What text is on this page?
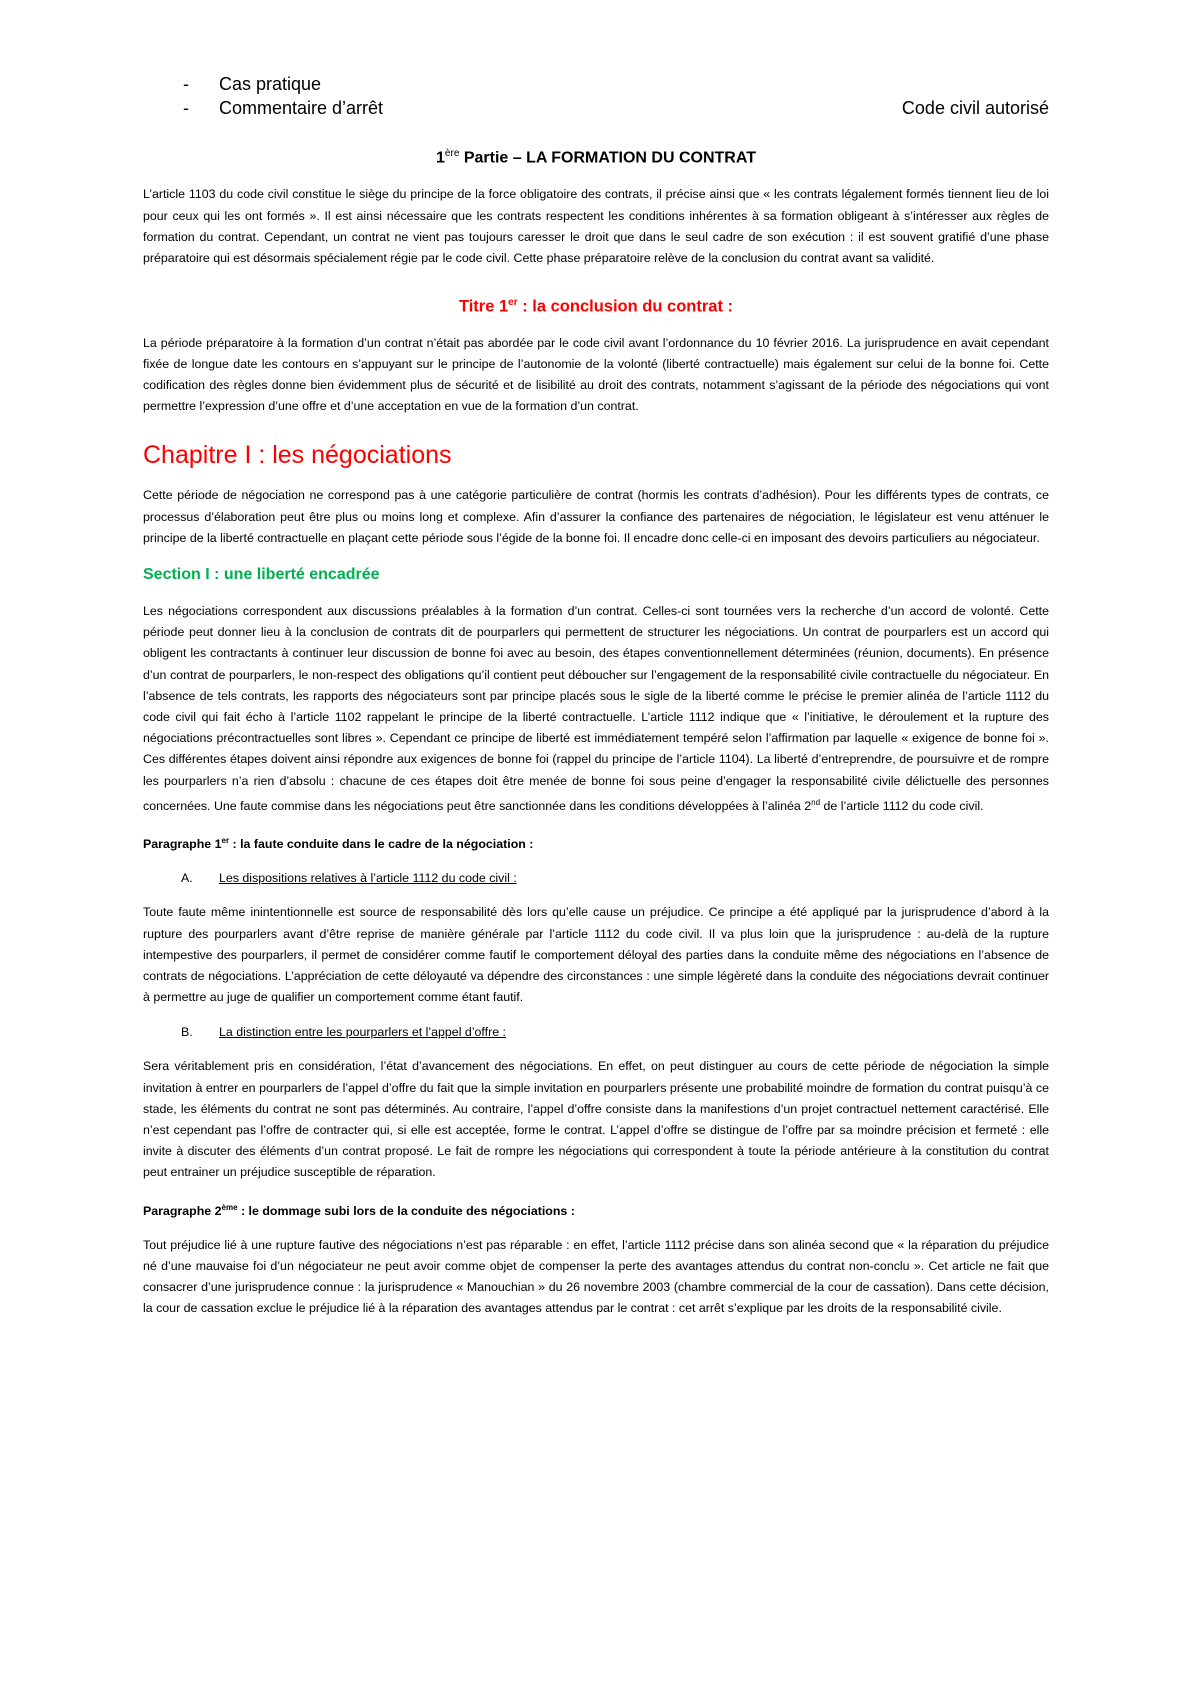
- Cas pratique
- Commentaire d’arrêt	Code civil autorisé
1ère Partie – LA FORMATION DU CONTRAT

L’article 1103 du code civil constitue le siège du principe de la force obligatoire des contrats, il précise ainsi que « les contrats légalement formés tiennent lieu de loi pour ceux qui les ont formés ». Il est ainsi nécessaire que les contrats respectent les conditions inhérentes à sa formation obligeant à s’intéresser aux règles de formation du contrat. Cependant, un contrat ne vient pas toujours caresser le droit que dans le seul cadre de son exécution : il est souvent gratifié d’une phase préparatoire qui est désormais spécialement régie par le code civil. Cette phase préparatoire relève de la conclusion du contrat avant sa validité.

Titre 1er : la conclusion du contrat :

La période préparatoire à la formation d’un contrat n’était pas abordée par le code civil avant l’ordonnance du 10 février 2016. La jurisprudence en avait cependant fixée de longue date les contours en s’appuyant sur le principe de l’autonomie de la volonté (liberté contractuelle) mais également sur celui de la bonne foi. Cette codification des règles donne bien évidemment plus de sécurité et de lisibilité au droit des contrats, notamment s’agissant de la période des négociations qui vont permettre l’expression d’une offre et d’une acceptation en vue de la formation d’un contrat.

Chapitre I : les négociations

Cette période de négociation ne correspond pas à une catégorie particulière de contrat (hormis les contrats d’adhésion). Pour les différents types de contrats, ce processus d’élaboration peut être plus ou moins long et complexe. Afin d’assurer la confiance des partenaires de négociation, le législateur est venu atténuer le principe de la liberté contractuelle en plaçant cette période sous l’égide de la bonne foi. Il encadre donc celle-ci en imposant des devoirs particuliers au négociateur.

Section I : une liberté encadrée

Les négociations correspondent aux discussions préalables à la formation d’un contrat. Celles-ci sont tournées vers la recherche d’un accord de volonté. Cette période peut donner lieu à la conclusion de contrats dit de pourparlers qui permettent de structurer les négociations. Un contrat de pourparlers est un accord qui obligent les contractants à continuer leur discussion de bonne foi avec au besoin, des étapes conventionnellement déterminées (réunion, documents). En présence d’un contrat de pourparlers, le non-respect des obligations qu’il contient peut déboucher sur l’engagement de la responsabilité civile contractuelle du négociateur. En l’absence de tels contrats, les rapports des négociateurs sont par principe placés sous le sigle de la liberté comme le précise le premier alinéa de l’article 1112 du code civil qui fait écho à l’article 1102 rappelant le principe de la liberté contractuelle. L’article 1112 indique que « l’initiative, le déroulement et la rupture des négociations précontractuelles sont libres ». Cependant ce principe de liberté est immédiatement tempéré selon l’affirmation par laquelle « exigence de bonne foi ». Ces différentes étapes doivent ainsi répondre aux exigences de bonne foi (rappel du principe de l’article 1104). La liberté d’entreprendre, de poursuivre et de rompre les pourparlers n’a rien d’absolu : chacune de ces étapes doit être menée de bonne foi sous peine d’engager la responsabilité civile délictuelle des personnes concernées. Une faute commise dans les négociations peut être sanctionnée dans les conditions développées à l’alinéa 2nd de l’article 1112 du code civil.

Paragraphe 1er : la faute conduite dans le cadre de la négociation :

A. Les dispositions relatives à l’article 1112 du code civil :

Toute faute même inintentionnelle est source de responsabilité dès lors qu’elle cause un préjudice. Ce principe a été appliqué par la jurisprudence d’abord à la rupture des pourparlers avant d’être reprise de manière générale par l’article 1112 du code civil. Il va plus loin que la jurisprudence : au-delà de la rupture intempestive des pourparlers, il permet de considérer comme fautif le comportement déloyal des parties dans la conduite même des négociations en l’absence de contrats de négociations. L’appréciation de cette déloyauté va dépendre des circonstances : une simple légèreté dans la conduite des négociations devrait continuer à permettre au juge de qualifier un comportement comme étant fautif.

B. La distinction entre les pourparlers et l’appel d’offre :

Sera véritablement pris en considération, l’état d’avancement des négociations. En effet, on peut distinguer au cours de cette période de négociation la simple invitation à entrer en pourparlers de l’appel d’offre du fait que la simple invitation en pourparlers présente une probabilité moindre de formation du contrat puisqu’à ce stade, les éléments du contrat ne sont pas déterminés. Au contraire, l’appel d’offre consiste dans la manifestions d’un projet contractuel nettement caractérisé. Elle n’est cependant pas l’offre de contracter qui, si elle est acceptée, forme le contrat. L’appel d’offre se distingue de l’offre par sa moindre précision et fermeté : elle invite à discuter des éléments d’un contrat proposé. Le fait de rompre les négociations qui correspondent à toute la période antérieure à la constitution du contrat peut entrainer un préjudice susceptible de réparation.

Paragraphe 2ème : le dommage subi lors de la conduite des négociations :

Tout préjudice lié à une rupture fautive des négociations n’est pas réparable : en effet, l’article 1112 précise dans son alinéa second que « la réparation du préjudice né d’une mauvaise foi d’un négociateur ne peut avoir comme objet de compenser la perte des avantages attendus du contrat non-conclu ». Cet article ne fait que consacrer d’une jurisprudence connue : la jurisprudence « Manouchian » du 26 novembre 2003 (chambre commercial de la cour de cassation). Dans cette décision, la cour de cassation exclue le préjudice lié à la réparation des avantages attendus par le contrat : cet arrêt s’explique par les droits de la responsabilité civile.
